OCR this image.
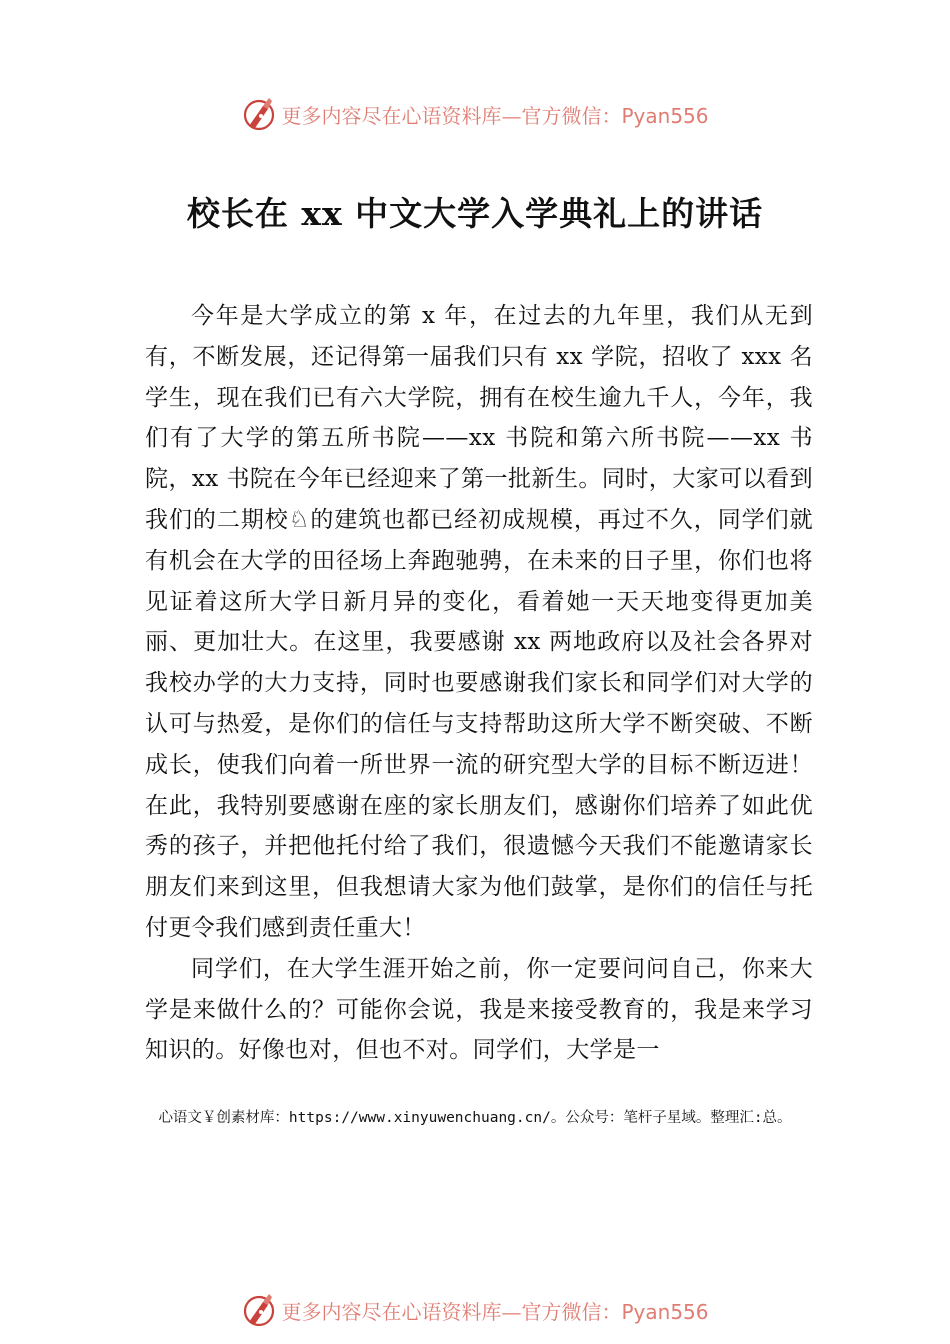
更多内容尽在心语资料库—官方微信：Pyan556
校长在 xx 中文大学入学典礼上的讲话

今年是大学成立的第 x 年，在过去的九年里，我们从无到有，不断发展，还记得第一届我们只有 xx 学院，招收了 xxx 名学生，现在我们已有六大学院，拥有在校生逾九千人，今年，我们有了大学的第五所书院——xx 书院和第六所书院——xx 书院，xx 书院在今年已经迎来了第一批新生。同时，大家可以看到我们的二期校♘的建筑也都已经初成规模，再过不久，同学们就有机会在大学的田径场上奔跑驰骋，在未来的日子里，你们也将见证着这所大学日新月异的变化，看着她一天天地变得更加美丽、更加壮大。在这里，我要感谢 xx 两地政府以及社会各界对我校办学的大力支持，同时也要感谢我们家长和同学们对大学的认可与热爱，是你们的信任与支持帮助这所大学不断突破、不断成长，使我们向着一所世界一流的研究型大学的目标不断迈进！在此，我特别要感谢在座的家长朋友们，感谢你们培养了如此优秀的孩子，并把他托付给了我们，很遗憾今天我们不能邀请家长朋友们来到这里，但我想请大家为他们鼓掌，是你们的信任与托付更令我们感到责任重大！

同学们，在大学生涯开始之前，你一定要问问自己，你来大学是来做什么的？可能你会说，我是来接受教育的，我是来学习知识的。好像也对，但也不对。同学们，大学是一

心语文￥创素材库：https://www.xinyuwenchuang.cn/。公众号：笔杆子星域。整理汇:总。
更多内容尽在心语资料库—官方微信：Pyan556
